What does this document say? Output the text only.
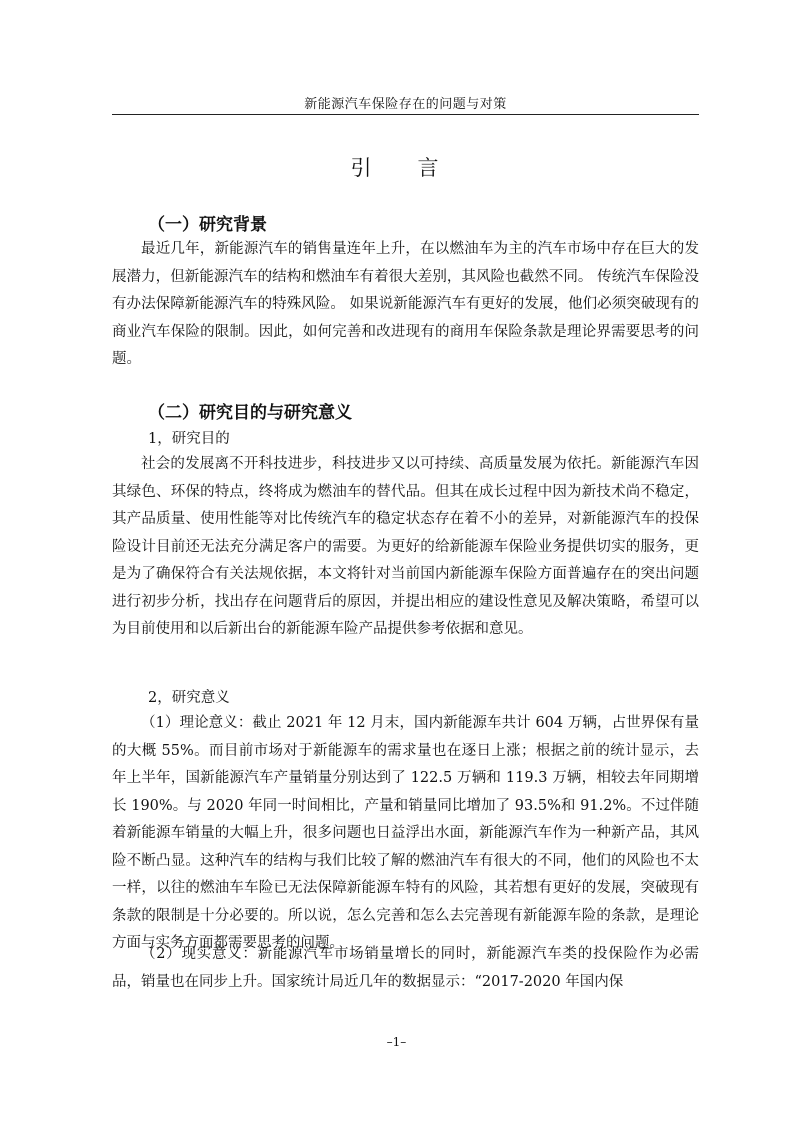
新能源汽车保险存在的问题与对策
引 言
（一）研究背景
最近几年，新能源汽车的销售量连年上升，在以燃油车为主的汽车市场中存在巨大的发展潜力，但新能源汽车的结构和燃油车有着很大差别，其风险也截然不同。 传统汽车保险没有办法保障新能源汽车的特殊风险。 如果说新能源汽车有更好的发展，他们必须突破现有的商业汽车保险的限制。因此，如何完善和改进现有的商用车保险条款是理论界需要思考的问题。
（二）研究目的与研究意义
1，研究目的
社会的发展离不开科技进步，科技进步又以可持续、高质量发展为依托。新能源汽车因其绿色、环保的特点，终将成为燃油车的替代品。但其在成长过程中因为新技术尚不稳定，其产品质量、使用性能等对比传统汽车的稳定状态存在着不小的差异，对新能源汽车的投保险设计目前还无法充分满足客户的需要。为更好的给新能源车保险业务提供切实的服务，更是为了确保符合有关法规依据，本文将针对当前国内新能源车保险方面普遍存在的突出问题进行初步分析，找出存在问题背后的原因，并提出相应的建设性意见及解决策略，希望可以为目前使用和以后新出台的新能源车险产品提供参考依据和意见。
2，研究意义
（1）理论意义：截止 2021 年 12 月末，国内新能源车共计 604 万辆，占世界保有量的大概 55%。而目前市场对于新能源车的需求量也在逐日上涨；根据之前的统计显示，去年上半年，国新能源汽车产量销量分别达到了 122.5 万辆和 119.3 万辆，相较去年同期增长 190%。与 2020 年同一时间相比，产量和销量同比增加了 93.5%和 91.2%。不过伴随着新能源车销量的大幅上升，很多问题也日益浮出水面，新能源汽车作为一种新产品，其风险不断凸显。这种汽车的结构与我们比较了解的燃油汽车有很大的不同，他们的风险也不太一样，以往的燃油车车险已无法保障新能源车特有的风险，其若想有更好的发展，突破现有条款的限制是十分必要的。所以说，怎么完善和怎么去完善现有新能源车险的条款，是理论方面与实务方面都需要思考的问题。
（2）现实意义：新能源汽车市场销量增长的同时，新能源汽车类的投保险作为必需品，销量也在同步上升。国家统计局近几年的数据显示：“2017-2020 年国内保
–1–
